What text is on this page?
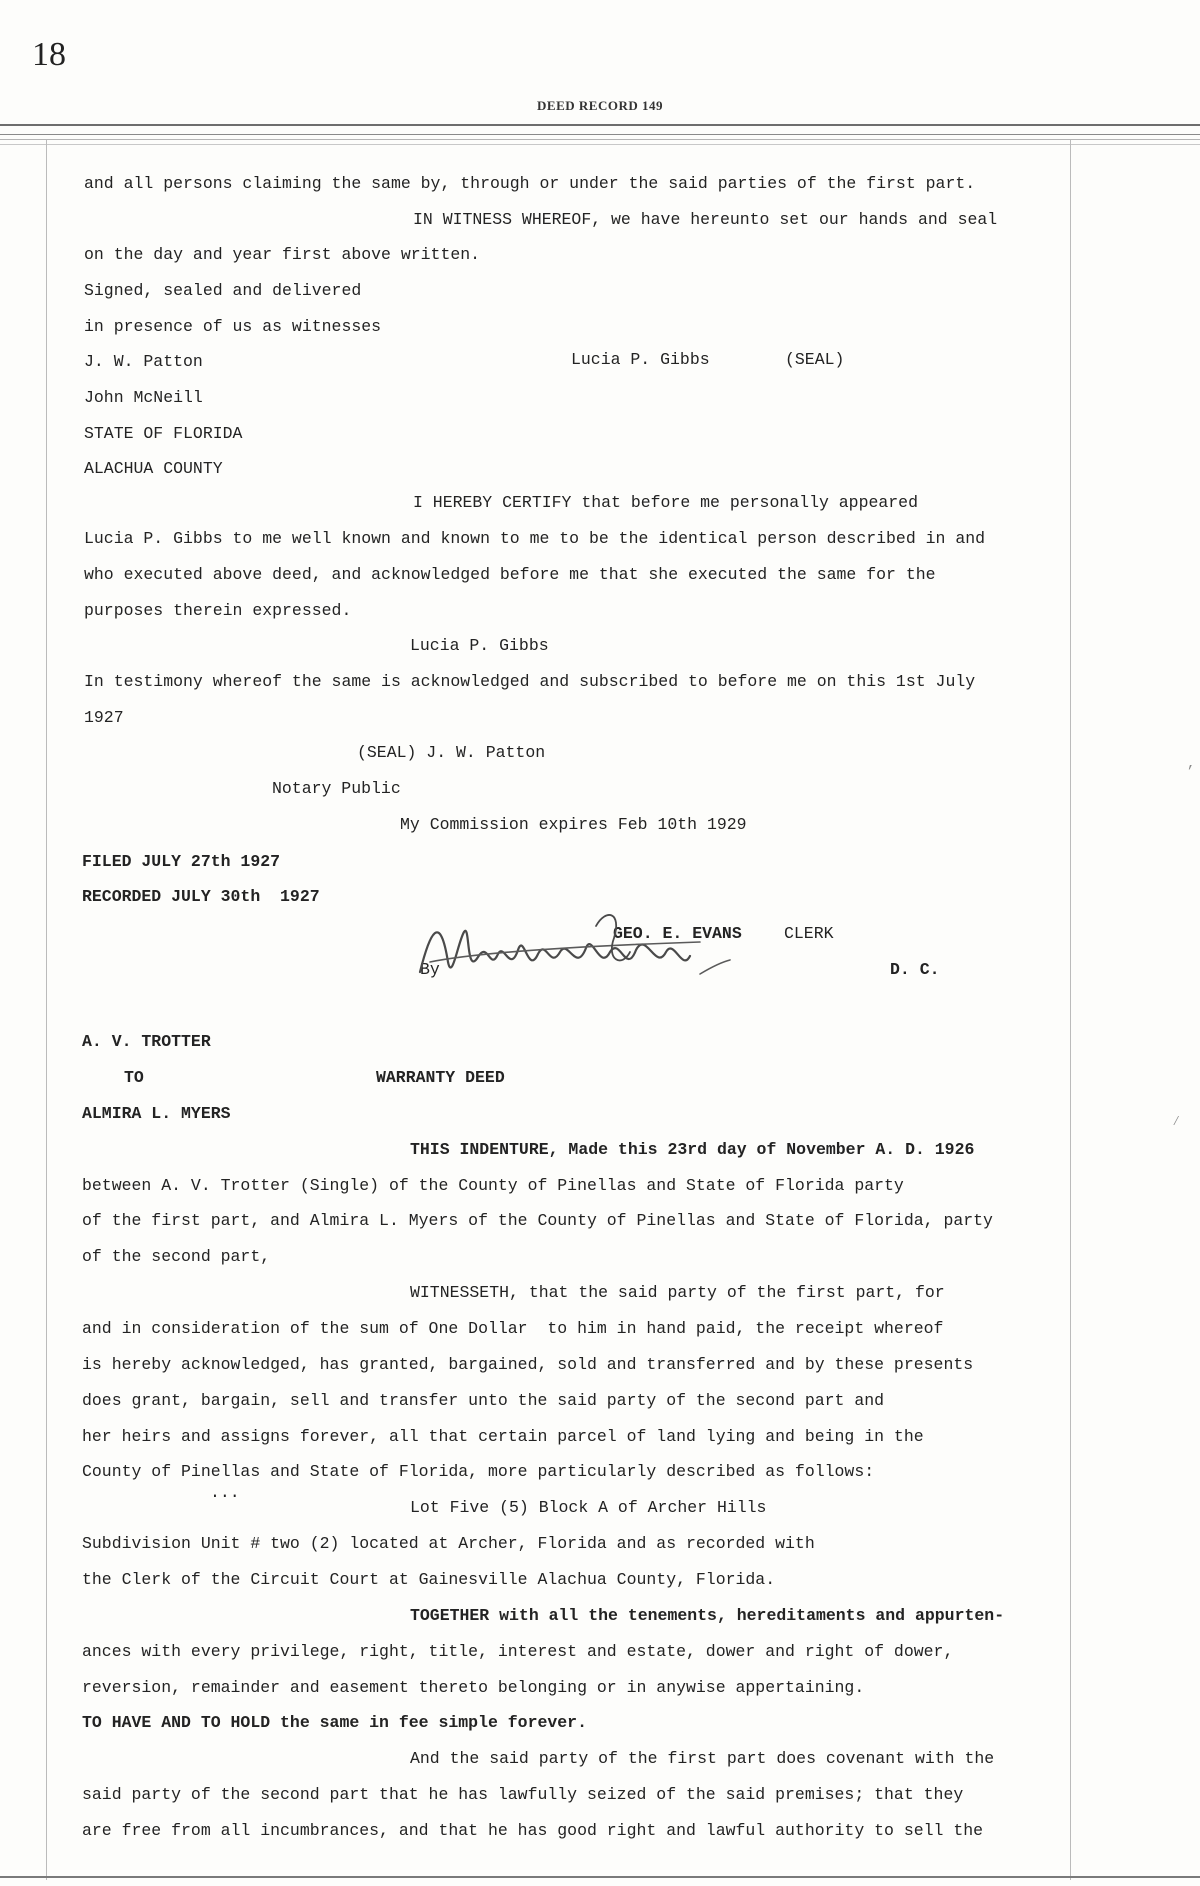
18
DEED RECORD 149
and all persons claiming the same by, through or under the said parties of the first part.
IN WITNESS WHEREOF, we have hereunto set our hands and seal
on the day and year first above written.
Signed, sealed and delivered
in presence of us as witnesses
J. W. Patton	Lucia P. Gibbs	(SEAL)
John McNeill
STATE OF FLORIDA
ALACHUA COUNTY
I HEREBY CERTIFY that before me personally appeared
Lucia P. Gibbs to me well known and known to me to be the identical person described in and
who executed above deed, and acknowledged before me that she executed the same for the
purposes therein expressed.
Lucia P. Gibbs
In testimony whereof the same is acknowledged and subscribed to before me on this 1st July
1927
(SEAL) J. W. Patton
Notary Public
My Commission expires Feb 10th 1929
FILED JULY 27th 1927
RECORDED JULY 30th  1927
GEO. E. EVANS	CLERK
By	D. C.
A. V. TROTTER
TO	WARRANTY DEED
ALMIRA L. MYERS
THIS INDENTURE, Made this 23rd day of November A. D. 1926
between A. V. Trotter (Single) of the County of Pinellas and State of Florida party
of the first part, and Almira L. Myers of the County of Pinellas and State of Florida, party
of the second part,
WITNESSETH, that the said party of the first part, for
and in consideration of the sum of One Dollar  to him in hand paid, the receipt whereof
is hereby acknowledged, has granted, bargained, sold and transferred and by these presents
does grant, bargain, sell and transfer unto the said party of the second part and
her heirs and assigns forever, all that certain parcel of land lying and being in the
County of Pinellas and State of Florida, more particularly described as follows:
...
Lot Five (5) Block A of Archer Hills
Subdivision Unit # two (2) located at Archer, Florida and as recorded with
the Clerk of the Circuit Court at Gainesville Alachua County, Florida.
TOGETHER with all the tenements, hereditaments and appurten-
ances with every privilege, right, title, interest and estate, dower and right of dower,
reversion, remainder and easement thereto belonging or in anywise appertaining.
TO HAVE AND TO HOLD the same in fee simple forever.
And the said party of the first part does covenant with the
said party of the second part that he has lawfully seized of the said premises; that they
are free from all incumbrances, and that he has good right and lawful authority to sell the
,
⁄
